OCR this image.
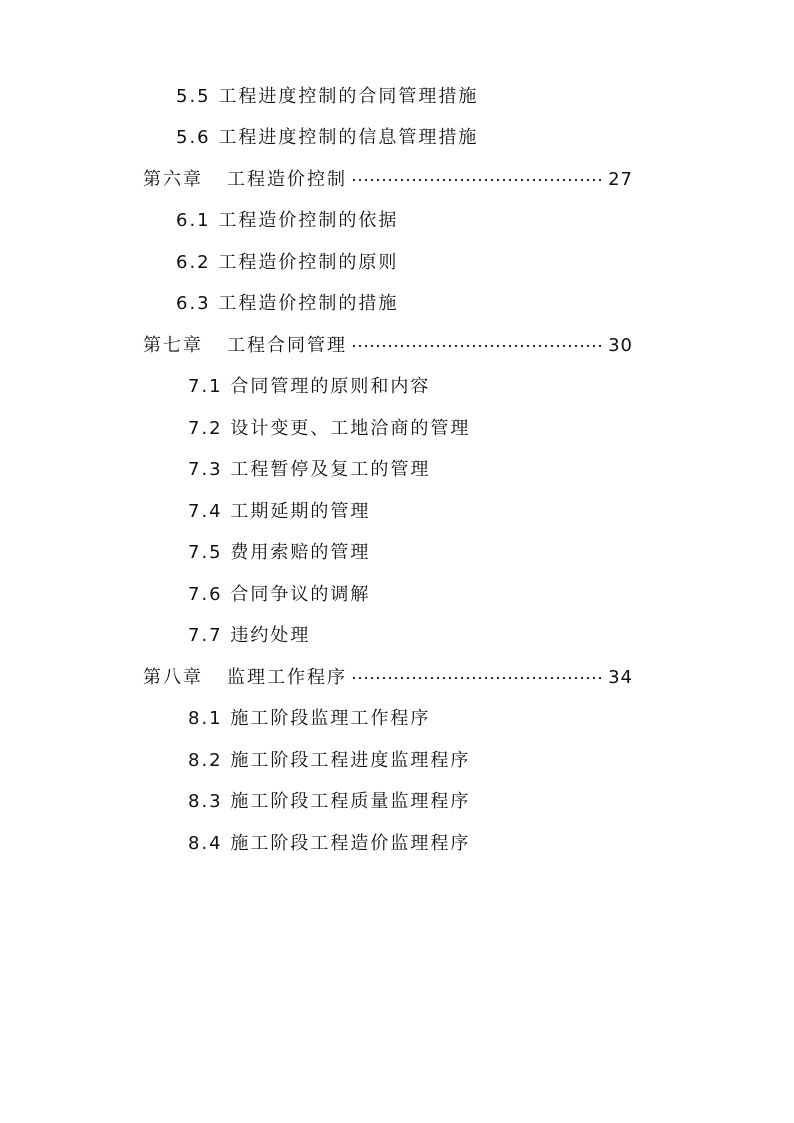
5.5 工程进度控制的合同管理措施
5.6 工程进度控制的信息管理措施
第六章	工程造价控制	27
6.1 工程造价控制的依据
6.2 工程造价控制的原则
6.3 工程造价控制的措施
第七章	工程合同管理	30
7.1 合同管理的原则和内容
7.2 设计变更、工地洽商的管理
7.3 工程暂停及复工的管理
7.4 工期延期的管理
7.5 费用索赔的管理
7.6 合同争议的调解
7.7 违约处理
第八章	监理工作程序	34
8.1 施工阶段监理工作程序
8.2 施工阶段工程进度监理程序
8.3 施工阶段工程质量监理程序
8.4 施工阶段工程造价监理程序
